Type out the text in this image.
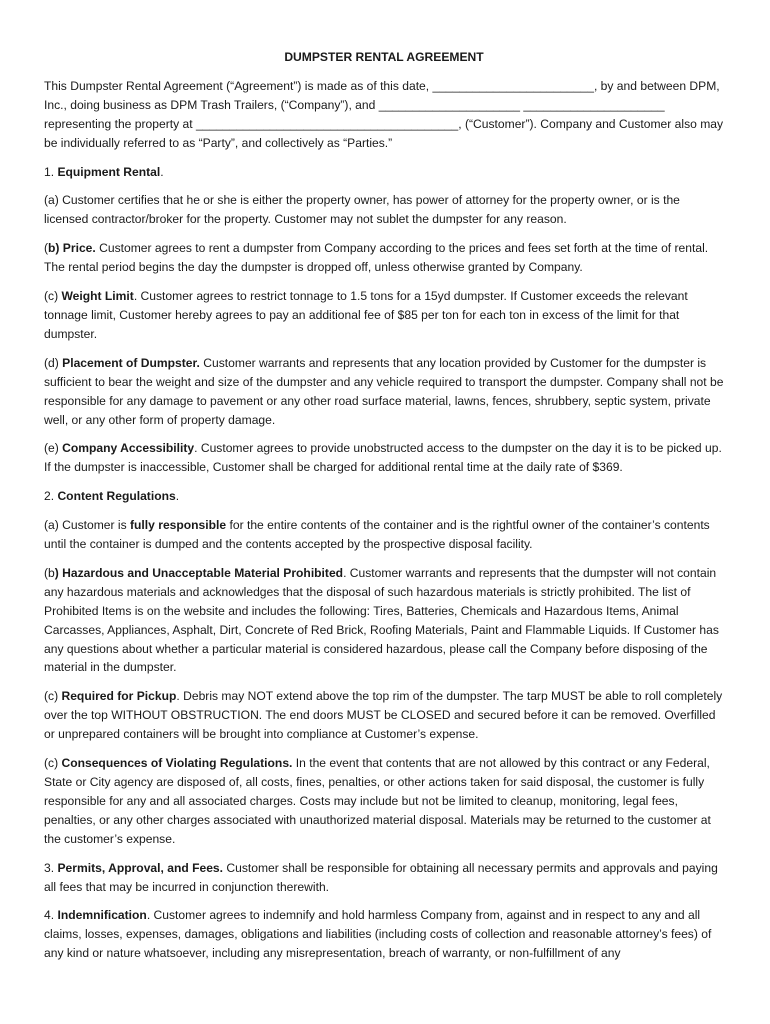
DUMPSTER RENTAL AGREEMENT

This Dumpster Rental Agreement (“Agreement”) is made as of this date, ________________________, by and between DPM, Inc., doing business as DPM Trash Trailers, (“Company”), and _____________________ _____________________ representing the property at _______________________________________, (“Customer”). Company and Customer also may be individually referred to as “Party”, and collectively as “Parties.”

1. Equipment Rental.

(a) Customer certifies that he or she is either the property owner, has power of attorney for the property owner, or is the licensed contractor/broker for the property. Customer may not sublet the dumpster for any reason.

(b) Price. Customer agrees to rent a dumpster from Company according to the prices and fees set forth at the time of rental. The rental period begins the day the dumpster is dropped off, unless otherwise granted by Company.

(c) Weight Limit. Customer agrees to restrict tonnage to 1.5 tons for a 15yd dumpster. If Customer exceeds the relevant tonnage limit, Customer hereby agrees to pay an additional fee of $85 per ton for each ton in excess of the limit for that dumpster.

(d) Placement of Dumpster. Customer warrants and represents that any location provided by Customer for the dumpster is sufficient to bear the weight and size of the dumpster and any vehicle required to transport the dumpster. Company shall not be responsible for any damage to pavement or any other road surface material, lawns, fences, shrubbery, septic system, private well, or any other form of property damage.

(e) Company Accessibility. Customer agrees to provide unobstructed access to the dumpster on the day it is to be picked up. If the dumpster is inaccessible, Customer shall be charged for additional rental time at the daily rate of $369.

2. Content Regulations.

(a) Customer is fully responsible for the entire contents of the container and is the rightful owner of the container’s contents until the container is dumped and the contents accepted by the prospective disposal facility.

(b) Hazardous and Unacceptable Material Prohibited. Customer warrants and represents that the dumpster will not contain any hazardous materials and acknowledges that the disposal of such hazardous materials is strictly prohibited. The list of Prohibited Items is on the website and includes the following: Tires, Batteries, Chemicals and Hazardous Items, Animal Carcasses, Appliances, Asphalt, Dirt, Concrete of Red Brick, Roofing Materials, Paint and Flammable Liquids. If Customer has any questions about whether a particular material is considered hazardous, please call the Company before disposing of the material in the dumpster.

(c) Required for Pickup. Debris may NOT extend above the top rim of the dumpster. The tarp MUST be able to roll completely over the top WITHOUT OBSTRUCTION. The end doors MUST be CLOSED and secured before it can be removed. Overfilled or unprepared containers will be brought into compliance at Customer’s expense.

(c) Consequences of Violating Regulations. In the event that contents that are not allowed by this contract or any Federal, State or City agency are disposed of, all costs, fines, penalties, or other actions taken for said disposal, the customer is fully responsible for any and all associated charges. Costs may include but not be limited to cleanup, monitoring, legal fees, penalties, or any other charges associated with unauthorized material disposal. Materials may be returned to the customer at the customer’s expense.

3. Permits, Approval, and Fees. Customer shall be responsible for obtaining all necessary permits and approvals and paying all fees that may be incurred in conjunction therewith.

4. Indemnification. Customer agrees to indemnify and hold harmless Company from, against and in respect to any and all claims, losses, expenses, damages, obligations and liabilities (including costs of collection and reasonable attorney’s fees) of any kind or nature whatsoever, including any misrepresentation, breach of warranty, or non-fulfillment of any
